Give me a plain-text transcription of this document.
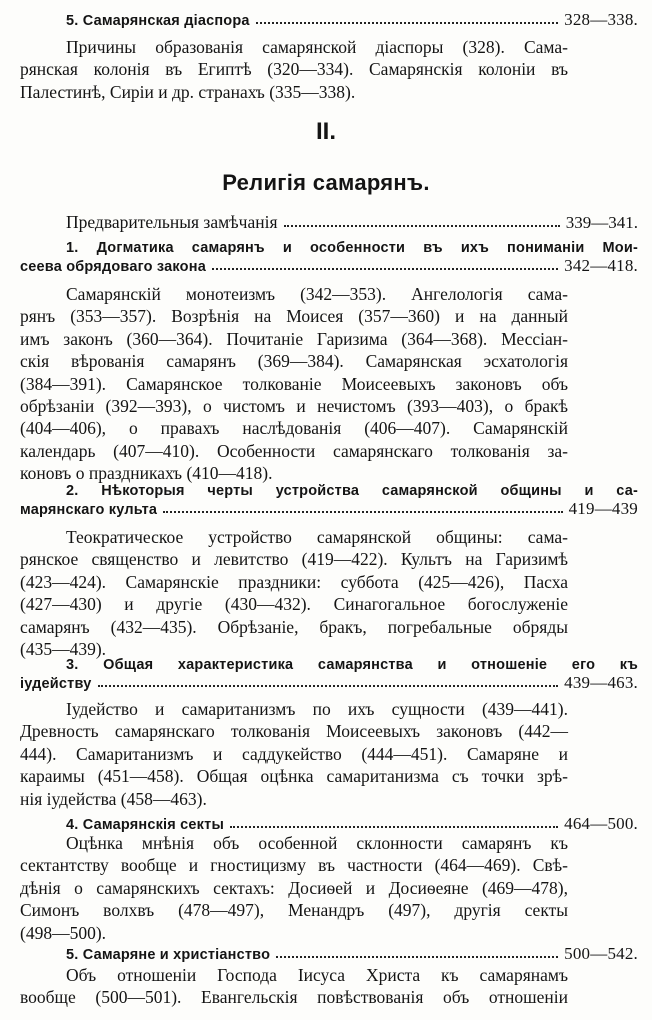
5. Самарянская діаспора	328—338.
Причины образованія самарянской діаспоры (328). Сама-
рянская колонія въ Египтѣ (320—334). Самарянскія колоніи въ
Палестинѣ, Сиріи и др. странахъ (335—338).
II.
Религія самарянъ.
Предварительныя замѣчанія	339—341.
1. Догматика самарянъ и особенности въ ихъ пониманіи Мои-
сеева обрядоваго закона	342—418.
Самарянскій монотеизмъ (342—353). Ангелологія сама-
рянъ (353—357). Возрѣнія на Моисея (357—360) и на данный
имъ законъ (360—364). Почитаніе Гаризима (364—368). Мессіан-
скія вѣрованія самарянъ (369—384). Самарянская эсхатологія
(384—391). Самарянское толкованіе Моисеевыхъ законовъ объ
обрѣзаніи (392—393), о чистомъ и нечистомъ (393—403), о бракѣ
(404—406), о правахъ наслѣдованія (406—407). Самарянскій
календарь (407—410). Особенности самарянскаго толкованія за-
коновъ о праздникахъ (410—418).
2. Нѣкоторыя черты устройства самарянской общины и са-
марянскаго культа	419—439
Теократическое устройство самарянской общины: сама-
рянское священство и левитство (419—422). Культъ на Гаризимѣ
(423—424). Самарянскіе праздники: суббота (425—426), Пасха
(427—430) и другіе (430—432). Синагогальное богослуженіе
самарянъ (432—435). Обрѣзаніе, бракъ, погребальные обряды
(435—439).
3. Общая характеристика самарянства и отношеніе его къ
іудейству	439—463.
Іудейство и самаританизмъ по ихъ сущности (439—441).
Древность самарянскаго толкованія Моисеевыхъ законовъ (442—
444). Самаританизмъ и саддукейство (444—451). Самаряне и
караимы (451—458). Общая оцѣнка самаританизма съ точки зрѣ-
нія іудейства (458—463).
4. Самарянскія секты	464—500.
Оцѣнка мнѣнія объ особенной склонности самарянъ къ
сектантству вообще и гностицизму въ частности (464—469). Свѣ-
дѣнія о самарянскихъ сектахъ: Досиѳей и Досиѳеяне (469—478),
Симонъ волхвъ (478—497), Менандръ (497), другія секты
(498—500).
5. Самаряне и христіанство	500—542.
Объ отношеніи Господа Іисуса Христа къ самарянамъ
вообще (500—501). Евангельскія повѣствованія объ отношеніи
